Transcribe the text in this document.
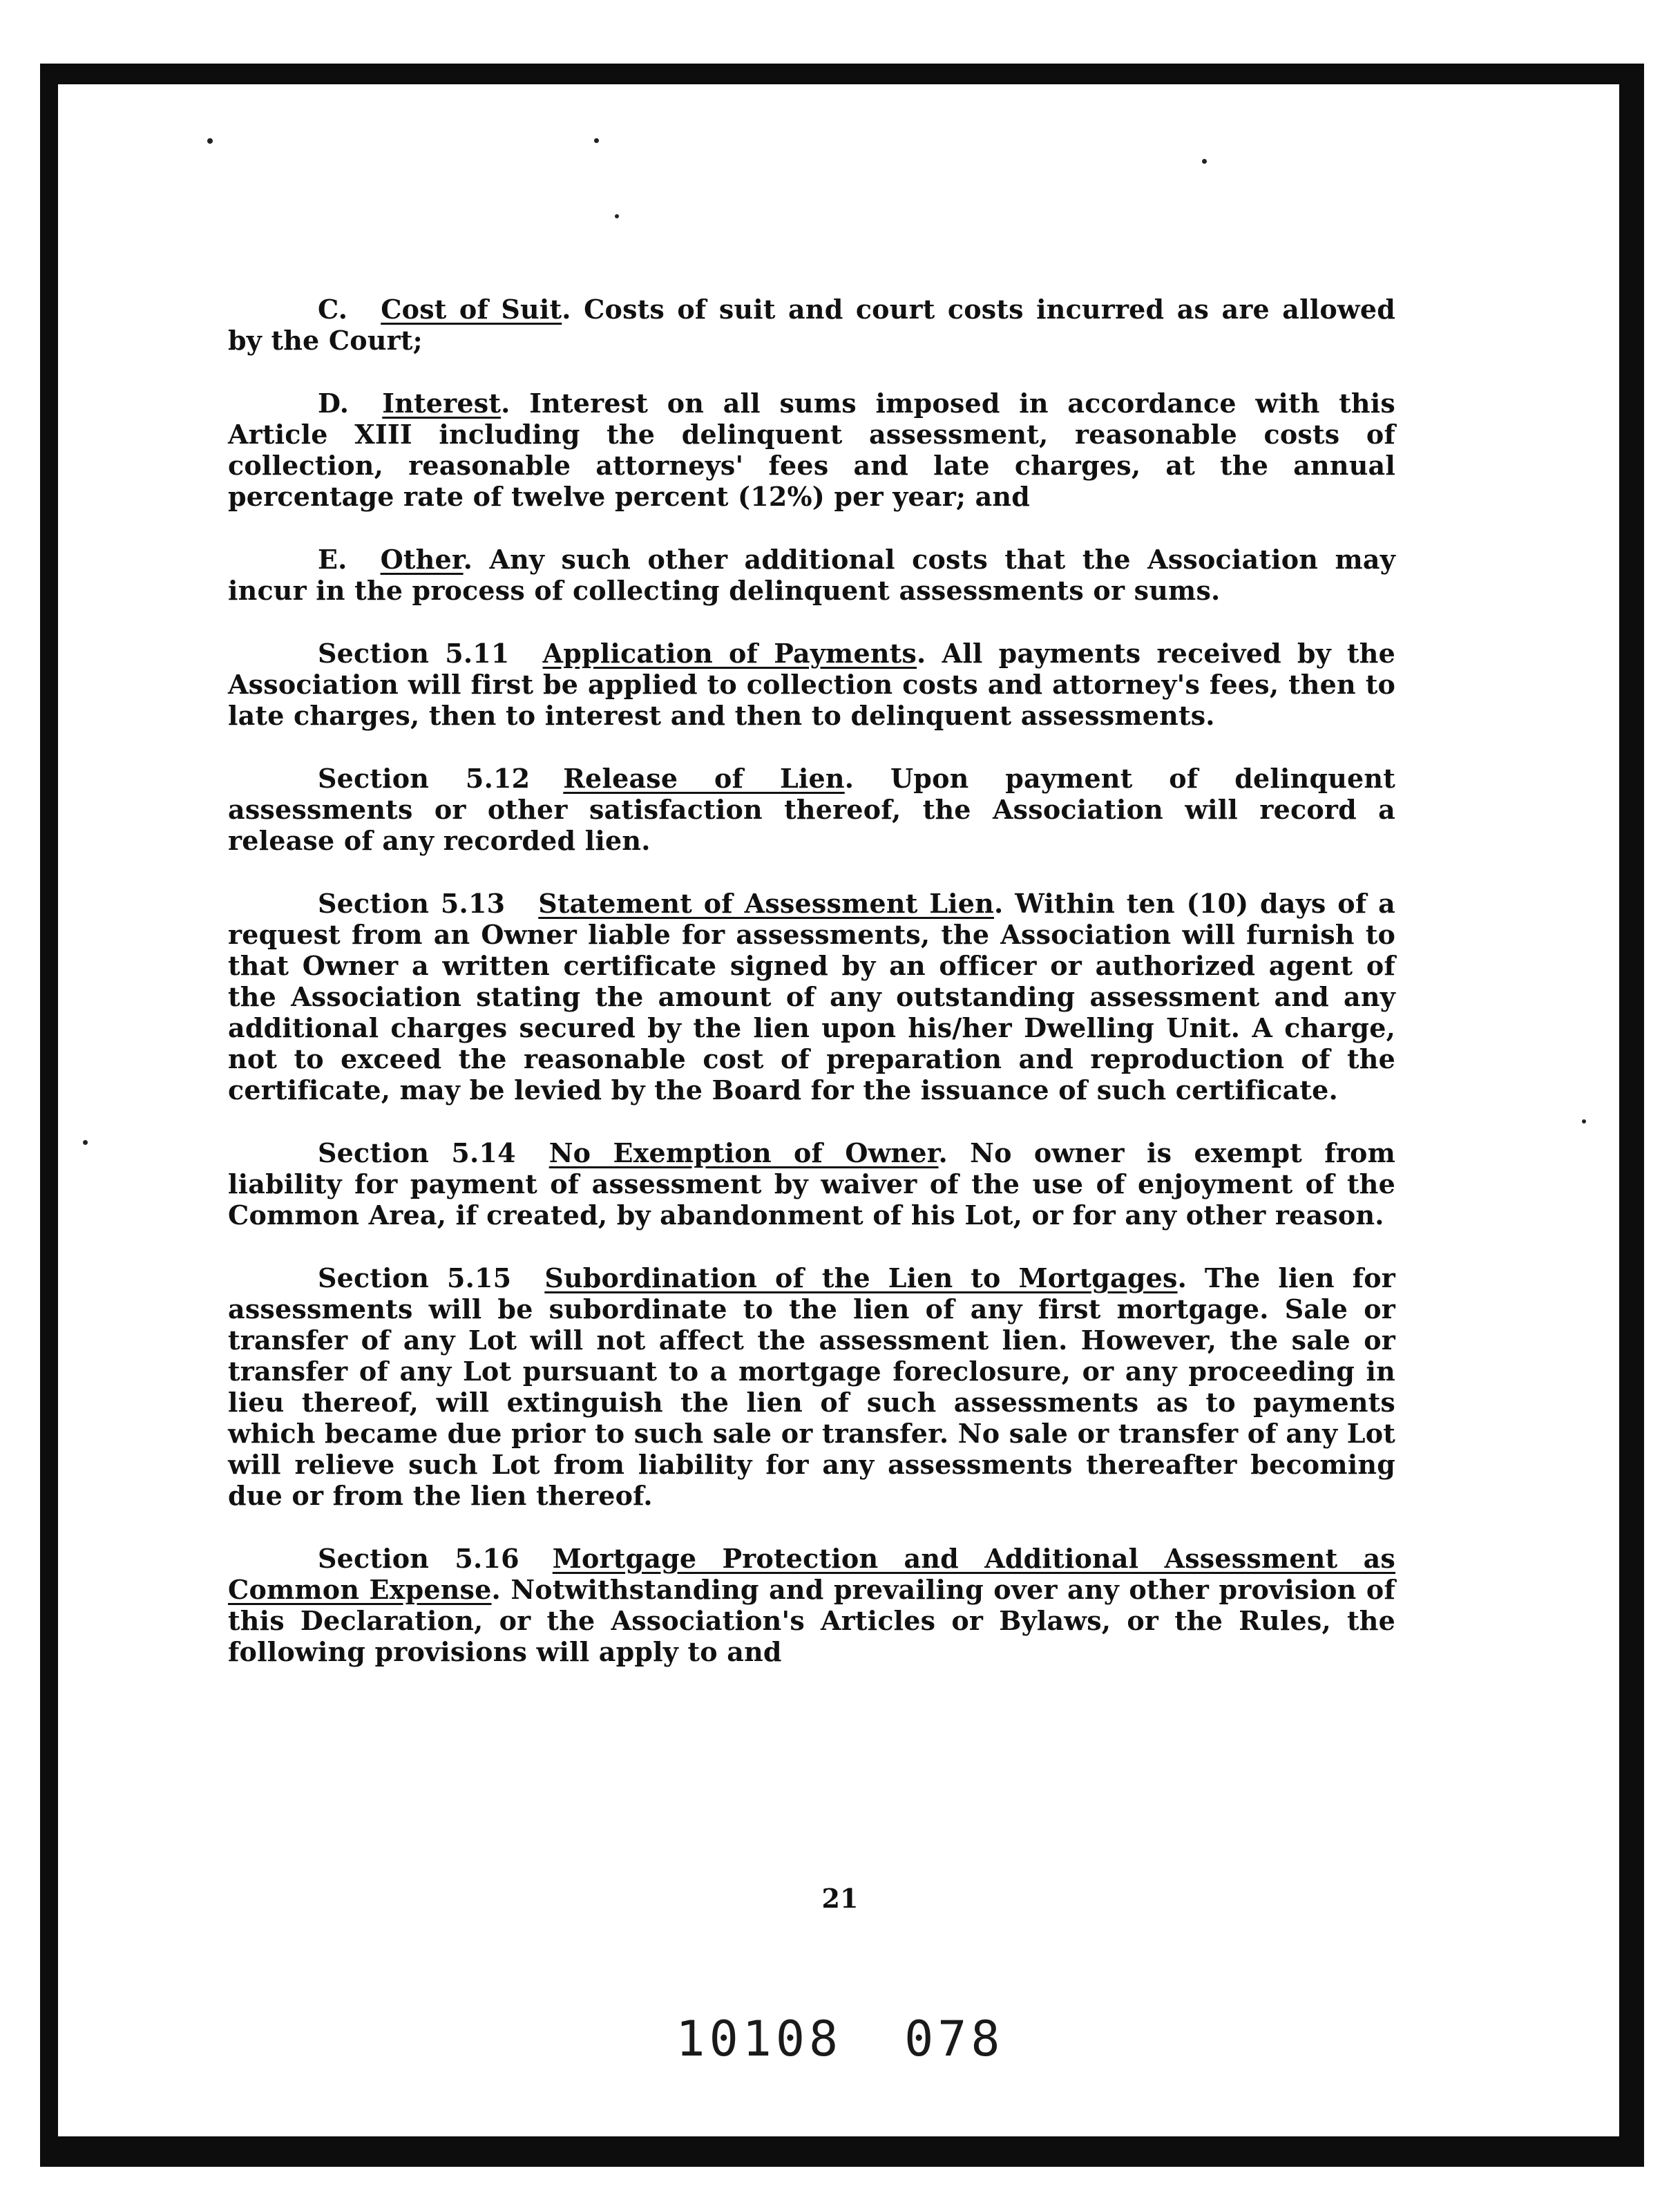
C. Cost of Suit. Costs of suit and court costs incurred as are allowed by the Court;

D. Interest. Interest on all sums imposed in accordance with this Article XIII including the delinquent assessment, reasonable costs of collection, reasonable attorneys' fees and late charges, at the annual percentage rate of twelve percent (12%) per year; and

E. Other. Any such other additional costs that the Association may incur in the process of collecting delinquent assessments or sums.

Section 5.11 Application of Payments. All payments received by the Association will first be applied to collection costs and attorney's fees, then to late charges, then to interest and then to delinquent assessments.

Section 5.12 Release of Lien. Upon payment of delinquent assessments or other satisfaction thereof, the Association will record a release of any recorded lien.

Section 5.13 Statement of Assessment Lien. Within ten (10) days of a request from an Owner liable for assessments, the Association will furnish to that Owner a written certificate signed by an officer or authorized agent of the Association stating the amount of any outstanding assessment and any additional charges secured by the lien upon his/her Dwelling Unit. A charge, not to exceed the reasonable cost of preparation and reproduction of the certificate, may be levied by the Board for the issuance of such certificate.

Section 5.14 No Exemption of Owner. No owner is exempt from liability for payment of assessment by waiver of the use of enjoyment of the Common Area, if created, by abandonment of his Lot, or for any other reason.

Section 5.15 Subordination of the Lien to Mortgages. The lien for assessments will be subordinate to the lien of any first mortgage. Sale or transfer of any Lot will not affect the assessment lien. However, the sale or transfer of any Lot pursuant to a mortgage foreclosure, or any proceeding in lieu thereof, will extinguish the lien of such assessments as to payments which became due prior to such sale or transfer. No sale or transfer of any Lot will relieve such Lot from liability for any assessments thereafter becoming due or from the lien thereof.

Section 5.16 Mortgage Protection and Additional Assessment as Common Expense. Notwithstanding and prevailing over any other provision of this Declaration, or the Association's Articles or Bylaws, or the Rules, the following provisions will apply to and

21
10108 078
